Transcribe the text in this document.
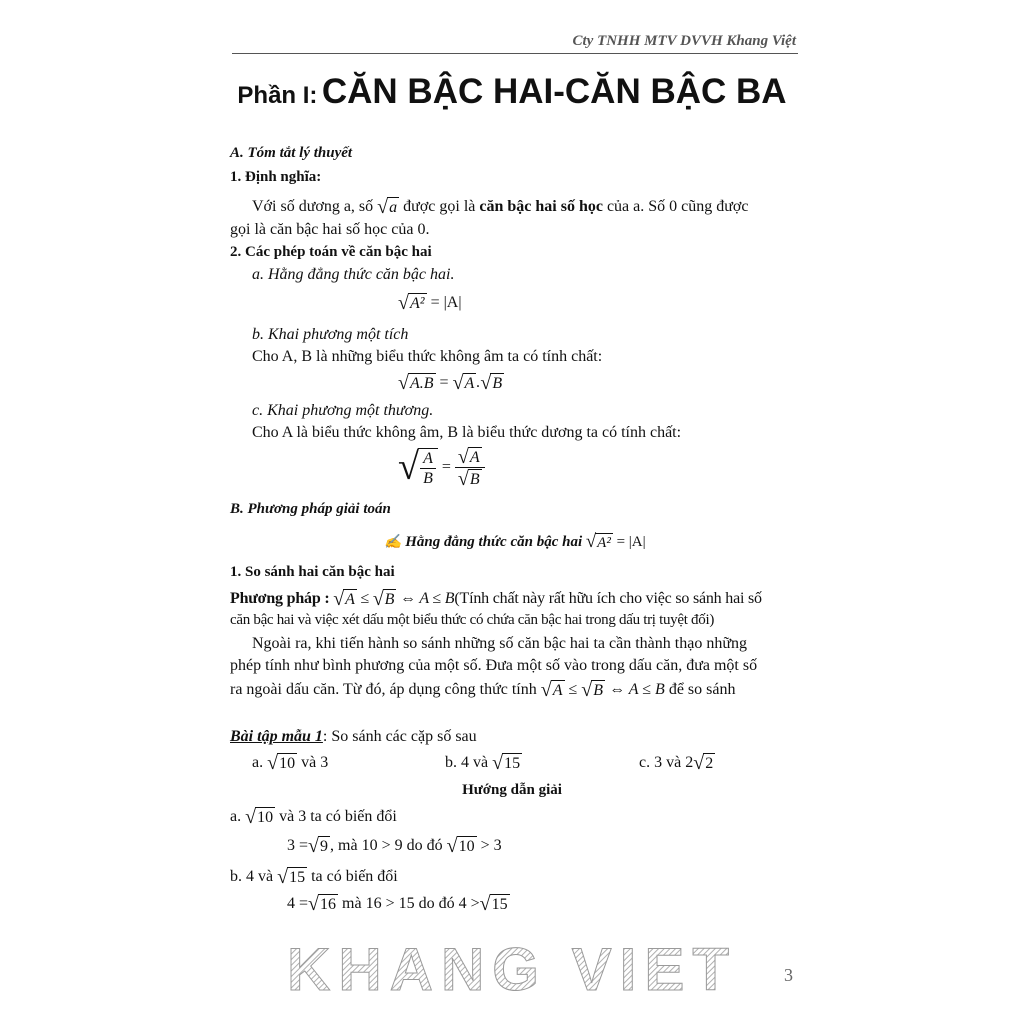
Cty TNHH MTV DVVH Khang Việt
Phần I: CĂN BẬC HAI-CĂN BẬC BA
A. Tóm tắt lý thuyết
1. Định nghĩa:
Với số dương a, số √ a được gọi là căn bậc hai số học của a. Số 0 cũng được
gọi là căn bậc hai số học của 0.
2. Các phép toán về căn bậc hai
a. Hằng đẳng thức căn bậc hai.
√ A² = |A|
b. Khai phương một tích
Cho A, B là những biểu thức không âm ta có tính chất:
√ A.B = √ A . √ B
c. Khai phương một thương.
Cho A là biểu thức không âm, B là biểu thức dương ta có tính chất:
√ $\frac{A}{B} = \frac{√ A}{√ B}$
B. Phương pháp giải toán
✍ Hằng đẳng thức căn bậc hai √ A² = |A|
1. So sánh hai căn bậc hai
Phương pháp : √ A ≤ √ B ⇔ A ≤ B(Tính chất này rất hữu ích cho việc so sánh hai số
căn bậc hai và việc xét dấu một biểu thức có chứa căn bậc hai trong dấu trị tuyệt đối)
Ngoài ra, khi tiến hành so sánh những số căn bậc hai ta cần thành thạo những
phép tính như bình phương của một số. Đưa một số vào trong dấu căn, đưa một số
ra ngoài dấu căn. Từ đó, áp dụng công thức tính √ A ≤ √ B ⇔ A ≤ B để so sánh
Bài tập mẫu 1: So sánh các cặp số sau
a. √ 10 và 3	b. 4 và √ 15	c. 3 và 2 √ 2
Hướng dẫn giải
a. √ 10 và 3 ta có biến đổi
3 = √ 9 , mà 10 > 9 do đó √ 10 > 3
b. 4 và √ 15 ta có biến đổi
4 = √ 16 mà 16 > 15 do đó 4 > √ 15
KHANG VIET	3
